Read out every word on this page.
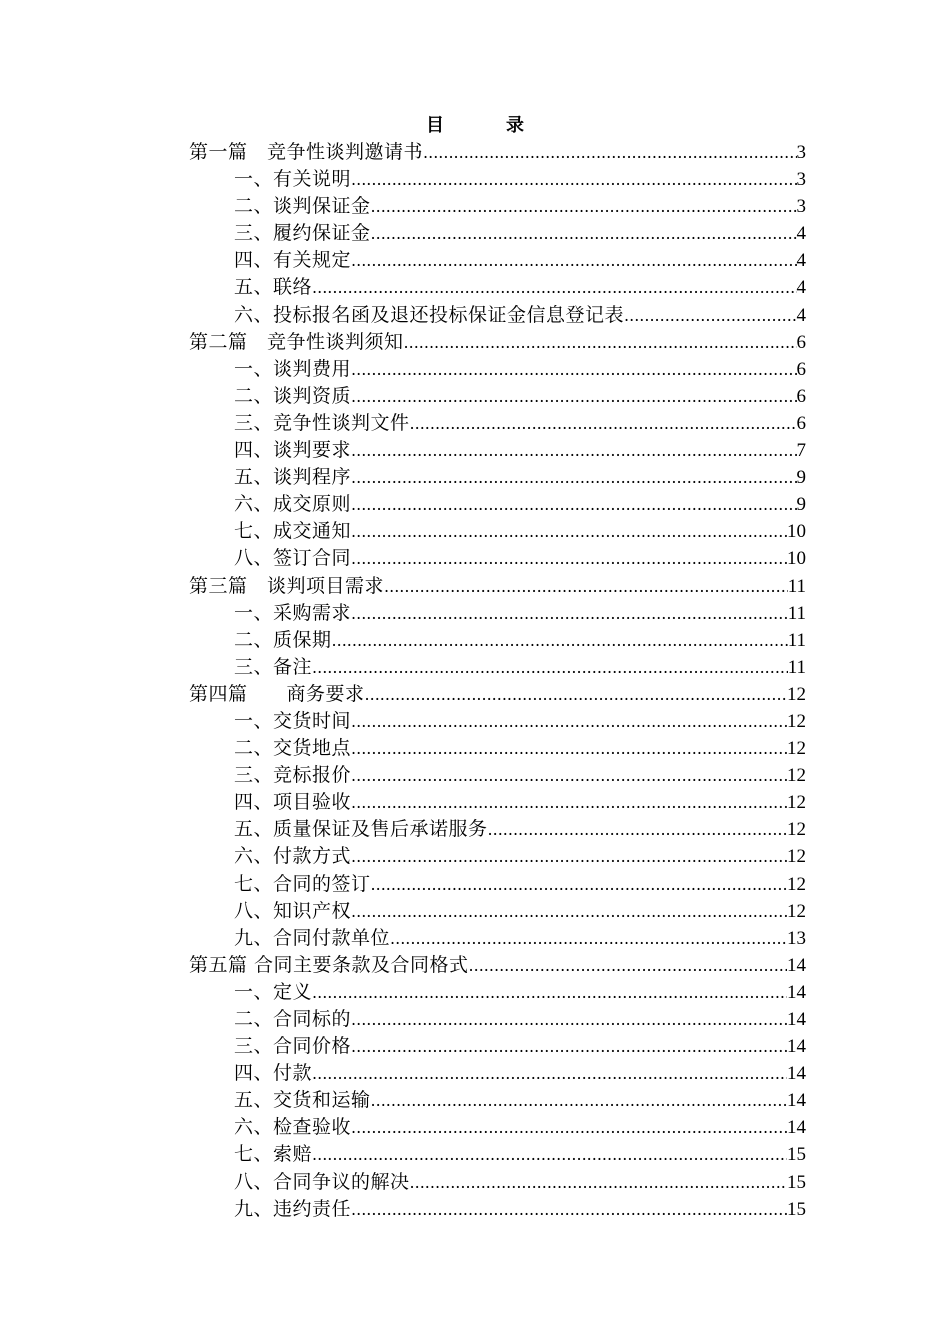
目　录
第一篇　竞争性谈判邀请书 .....	3
一、有关说明 .....	3
二、谈判保证金 .....	3
三、履约保证金 .....	4
四、有关规定 .....	4
五、联络 .....	4
六、投标报名函及退还投标保证金信息登记表 .....	4
第二篇　竞争性谈判须知 .....	6
一、谈判费用 .....	6
二、谈判资质 .....	6
三、竞争性谈判文件 .....	6
四、谈判要求 .....	7
五、谈判程序 .....	9
六、成交原则 .....	9
七、成交通知 .....	10
八、签订合同 .....	10
第三篇　谈判项目需求 .....	11
一、采购需求 .....	11
二、质保期 .....	11
三、备注 .....	11
第四篇　　商务要求 .....	12
一、交货时间 .....	12
二、交货地点 .....	12
三、竞标报价 .....	12
四、项目验收 .....	12
五、质量保证及售后承诺服务 .....	12
六、付款方式 .....	12
七、合同的签订 .....	12
八、知识产权 .....	12
九、合同付款单位 .....	13
第五篇 合同主要条款及合同格式 .....	14
一、定义 .....	14
二、合同标的 .....	14
三、合同价格 .....	14
四、付款 .....	14
五、交货和运输 .....	14
六、检查验收 .....	14
七、索赔 .....	15
八、合同争议的解决 .....	15
九、违约责任 .....	15
